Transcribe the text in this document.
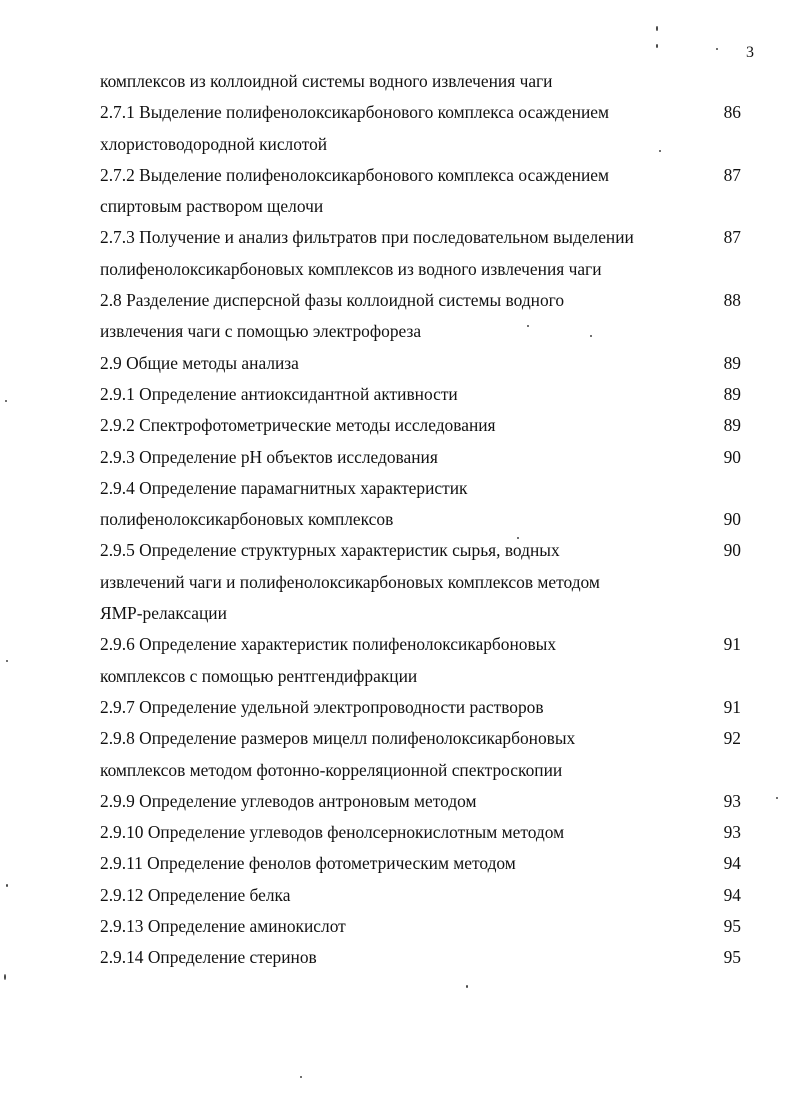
3
комплексов из коллоидной системы водного извлечения чаги
2.7.1 Выделение полифенолоксикарбонового комплекса осаждением	86
хлористоводородной кислотой
2.7.2 Выделение полифенолоксикарбонового комплекса осаждением	87
спиртовым раствором щелочи
2.7.3 Получение и анализ фильтратов при последовательном выделении	87
полифенолоксикарбоновых комплексов из водного извлечения чаги
2.8 Разделение дисперсной фазы коллоидной системы водного	88
извлечения чаги с помощью электрофореза
2.9 Общие методы анализа	89
2.9.1 Определение антиоксидантной активности	89
2.9.2 Спектрофотометрические методы исследования	89
2.9.3 Определение рН объектов исследования	90
2.9.4 Определение парамагнитных характеристик
полифенолоксикарбоновых комплексов	90
2.9.5 Определение структурных характеристик сырья, водных	90
извлечений чаги и полифенолоксикарбоновых комплексов методом
ЯМР-релаксации
2.9.6 Определение характеристик полифенолоксикарбоновых	91
комплексов с помощью рентгендифракции
2.9.7 Определение удельной электропроводности растворов	91
2.9.8 Определение размеров мицелл полифенолоксикарбоновых	92
комплексов методом фотонно-корреляционной спектроскопии
2.9.9 Определение углеводов антроновым методом	93
2.9.10 Определение углеводов фенолсернокислотным методом	93
2.9.11 Определение фенолов фотометрическим методом	94
2.9.12 Определение белка	94
2.9.13 Определение аминокислот	95
2.9.14 Определение стеринов	95
